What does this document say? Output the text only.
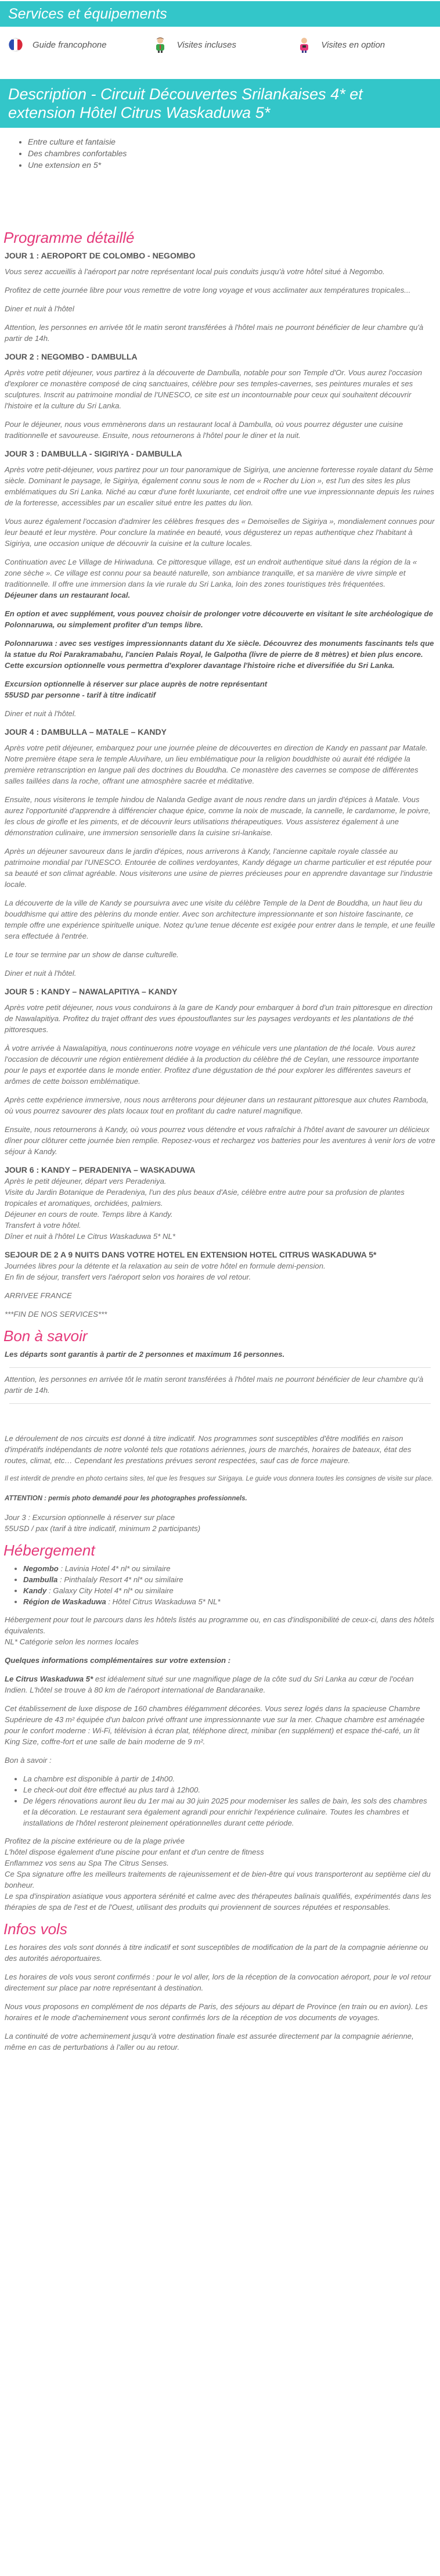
Services et équipements
Guide francophone	Visites incluses	Visites en option
Description - Circuit Découvertes Srilankaises 4* et extension Hôtel Citrus Waskaduwa 5*
• Entre culture et fantaisie
• Des chambres confortables
• Une extension en 5*
Programme détaillé

JOUR 1 : AEROPORT DE COLOMBO - NEGOMBO

Vous serez accueillis à l'aéroport par notre représentant local puis conduits jusqu'à votre hôtel situé à Negombo.

Profitez de cette journée libre pour vous remettre de votre long voyage et vous acclimater aux températures tropicales...

Diner et nuit à l'hôtel

Attention, les personnes en arrivée tôt le matin seront transférées à l'hôtel mais ne pourront bénéficier de leur chambre qu'à partir de 14h.

JOUR 2 : NEGOMBO - DAMBULLA

Après votre petit déjeuner, vous partirez à la découverte de Dambulla, notable pour son Temple d'Or. Vous aurez l'occasion d'explorer ce monastère composé de cinq sanctuaires, célèbre pour ses temples-cavernes, ses peintures murales et ses sculptures. Inscrit au patrimoine mondial de l'UNESCO, ce site est un incontournable pour ceux qui souhaitent découvrir l'histoire et la culture du Sri Lanka.

Pour le déjeuner, nous vous emmènerons dans un restaurant local à Dambulla, où vous pourrez déguster une cuisine traditionnelle et savoureuse. Ensuite, nous retournerons à l'hôtel pour le diner et la nuit.

JOUR 3 : DAMBULLA - SIGIRIYA - DAMBULLA

Après votre petit-déjeuner, vous partirez pour un tour panoramique de Sigiriya, une ancienne forteresse royale datant du 5ème siècle. Dominant le paysage, le Sigiriya, également connu sous le nom de « Rocher du Lion », est l'un des sites les plus emblématiques du Sri Lanka. Niché au cœur d'une forêt luxuriante, cet endroit offre une vue impressionnante depuis les ruines de la forteresse, accessibles par un escalier situé entre les pattes du lion.

Vous aurez également l'occasion d'admirer les célèbres fresques des « Demoiselles de Sigiriya », mondialement connues pour leur beauté et leur mystère. Pour conclure la matinée en beauté, vous dégusterez un repas authentique chez l'habitant à Sigiriya, une occasion unique de découvrir la cuisine et la culture locales.

Continuation avec Le Village de Hiriwaduna. Ce pittoresque village, est un endroit authentique situé dans la région de la « zone sèche ». Ce village est connu pour sa beauté naturelle, son ambiance tranquille, et sa manière de vivre simple et traditionnelle. Il offre une immersion dans la vie rurale du Sri Lanka, loin des zones touristiques très fréquentées.
Déjeuner dans un restaurant local.

En option et avec supplément, vous pouvez choisir de prolonger votre découverte en visitant le site archéologique de Polonnaruwa, ou simplement profiter d'un temps libre.

Polonnaruwa : avec ses vestiges impressionnants datant du Xe siècle. Découvrez des monuments fascinants tels que la statue du Roi Parakramabahu, l'ancien Palais Royal, le Galpotha (livre de pierre de 8 mètres) et bien plus encore. Cette excursion optionnelle vous permettra d'explorer davantage l'histoire riche et diversifiée du Sri Lanka.

Excursion optionnelle à réserver sur place auprès de notre représentant
55USD par personne - tarif à titre indicatif

Diner et nuit à l'hôtel.

JOUR 4 : DAMBULLA – MATALE – KANDY

Après votre petit déjeuner, embarquez pour une journée pleine de découvertes en direction de Kandy en passant par Matale. Notre première étape sera le temple Aluvihare, un lieu emblématique pour la religion bouddhiste où aurait été rédigée la première retranscription en langue pali des doctrines du Bouddha. Ce monastère des cavernes se compose de différentes salles taillées dans la roche, offrant une atmosphère sacrée et méditative.

Ensuite, nous visiterons le temple hindou de Nalanda Gedige avant de nous rendre dans un jardin d'épices à Matale. Vous aurez l'opportunité d'apprendre à différencier chaque épice, comme la noix de muscade, la cannelle, le cardamome, le poivre, les clous de girofle et les piments, et de découvrir leurs utilisations thérapeutiques. Vous assisterez également à une démonstration culinaire, une immersion sensorielle dans la cuisine sri-lankaise.

Après un déjeuner savoureux dans le jardin d'épices, nous arriverons à Kandy, l'ancienne capitale royale classée au patrimoine mondial par l'UNESCO. Entourée de collines verdoyantes, Kandy dégage un charme particulier et est réputée pour sa beauté et son climat agréable. Nous visiterons une usine de pierres précieuses pour en apprendre davantage sur l'industrie locale.

La découverte de la ville de Kandy se poursuivra avec une visite du célèbre Temple de la Dent de Bouddha, un haut lieu du bouddhisme qui attire des pèlerins du monde entier. Avec son architecture impressionnante et son histoire fascinante, ce temple offre une expérience spirituelle unique. Notez qu'une tenue décente est exigée pour entrer dans le temple, et une feuille sera effectuée à l'entrée.

Le tour se termine par un show de danse culturelle.

Diner et nuit à l'hôtel.

JOUR 5 : KANDY – NAWALAPITIYA – KANDY

Après votre petit déjeuner, nous vous conduirons à la gare de Kandy pour embarquer à bord d'un train pittoresque en direction de Nawalapitiya. Profitez du trajet offrant des vues époustouflantes sur les paysages verdoyants et les plantations de thé pittoresques.

À votre arrivée à Nawalapitiya, nous continuerons notre voyage en véhicule vers une plantation de thé locale. Vous aurez l'occasion de découvrir une région entièrement dédiée à la production du célèbre thé de Ceylan, une ressource importante pour le pays et exportée dans le monde entier. Profitez d'une dégustation de thé pour explorer les différentes saveurs et arômes de cette boisson emblématique.

Après cette expérience immersive, nous nous arrêterons pour déjeuner dans un restaurant pittoresque aux chutes Rambodа, où vous pourrez savourer des plats locaux tout en profitant du cadre naturel magnifique.

Ensuite, nous retournerons à Kandy, où vous pourrez vous détendre et vous rafraîchir à l'hôtel avant de savourer un délicieux dîner pour clôturer cette journée bien remplie. Reposez-vous et rechargez vos batteries pour les aventures à venir lors de votre séjour à Kandy.

JOUR 6 : KANDY – PERADENIYA – WASKADUWA

Après le petit déjeuner, départ vers Peradeniya.

Visite du Jardin Botanique de Peradeniya, l'un des plus beaux d'Asie, célèbre entre autre pour sa profusion de plantes tropicales et aromatiques, orchidées, palmiers.

Déjeuner en cours de route. Temps libre à Kandy.

Transfert à votre hôtel.

Dîner et nuit à l'hôtel Le Citrus Waskaduwa 5* NL*

SEJOUR DE 2 A 9 NUITS DANS VOTRE HOTEL EN EXTENSION HOTEL CITRUS WASKADUWA 5*

Journées libres pour la détente et la relaxation au sein de votre hôtel en formule demi-pension.

En fin de séjour, transfert vers l'aéroport selon vos horaires de vol retour.

ARRIVEE FRANCE

***FIN DE NOS SERVICES***

Bon à savoir

Les départs sont garantis à partir de 2 personnes et maximum 16 personnes.

Attention, les personnes en arrivée tôt le matin seront transférées à l'hôtel mais ne pourront bénéficier de leur chambre qu'à partir de 14h.

Le déroulement de nos circuits est donné à titre indicatif. Nos programmes sont susceptibles d'être modifiés en raison d'impératifs indépendants de notre volonté tels que rotations aériennes, jours de marchés, horaires de bateaux, état des routes, climat, etc… Cependant les prestations prévues seront respectées, sauf cas de force majeure.

Il est interdit de prendre en photo certains sites, tel que les fresques sur Sirigaya. Le guide vous donnera toutes les consignes de visite sur place.

ATTENTION : permis photo demandé pour les photographes professionnels.

Jour 3 : Excursion optionnelle à réserver sur place
55USD / pax (tarif à titre indicatif, minimum 2 participants)

Hébergement
• Negombo : Lavinia Hotel 4* nl* ou similaire
• Dambulla : Pinthalaly Resort 4* nl* ou similaire
• Kandy : Galaxy City Hotel 4* nl* ou similaire
• Région de Waskaduwa : Hôtel Citrus Waskaduwa 5* NL*

Hébergement pour tout le parcours dans les hôtels listés au programme ou, en cas d'indisponibilité de ceux-ci, dans des hôtels équivalents.

NL* Catégorie selon les normes locales

Quelques informations complémentaires sur votre extension :

Le Citrus Waskaduwa 5* est idéalement situé sur une magnifique plage de la côte sud du Sri Lanka au cœur de l'océan Indien. L'hôtel se trouve à 80 km de l'aéroport international de Bandaranaike.

Cet établissement de luxe dispose de 160 chambres élégamment décorées. Vous serez logés dans la spacieuse Chambre Supérieure de 43 m² équipée d'un balcon privé offrant une impressionnante vue sur la mer. Chaque chambre est aménagée pour le confort moderne : Wi-Fi, télévision à écran plat, téléphone direct, minibar (en supplément) et espace thé-café, un lit King Size, coffre-fort et une salle de bain moderne de 9 m².

Bon à savoir :

• La chambre est disponible à partir de 14h00.
• Le check-out doit être effectué au plus tard à 12h00.
• De légers rénovations auront lieu du 1er mai au 30 juin 2025 pour moderniser les salles de bain, les sols des chambres et la décoration. Le restaurant sera également agrandi pour enrichir l'expérience culinaire. Toutes les chambres et installations de l'hôtel resteront pleinement opérationnelles durant cette période.

Profitez de la piscine extérieure ou de la plage privée

L'hôtel dispose également d'une piscine pour enfant et d'un centre de fitness

Enflammez vos sens au Spa The Citrus Senses.

Ce Spa signature offre les meilleurs traitements de rajeunissement et de bien-être qui vous transporteront au septième ciel du bonheur.

Le spa d'inspiration asiatique vous apportera sérénité et calme avec des thérapeutes balinais qualifiés, expérimentés dans les thérapies de spa de l'est et de l'Ouest, utilisant des produits qui proviennent de sources réputées et responsables.

Infos vols

Les horaires des vols sont donnés à titre indicatif et sont susceptibles de modification de la part de la compagnie aérienne ou des autorités aéroportuaires.

Les horaires de vols vous seront confirmés : pour le vol aller, lors de la réception de la convocation aéroport, pour le vol retour directement sur place par notre représentant à destination.

Nous vous proposons en complément de nos départs de Paris, des séjours au départ de Province (en train ou en avion). Les horaires et le mode d'acheminement vous seront confirmés lors de la réception de vos documents de voyages.

La continuité de votre acheminement jusqu'à votre destination finale est assurée directement par la compagnie aérienne, même en cas de perturbations à l'aller ou au retour.
